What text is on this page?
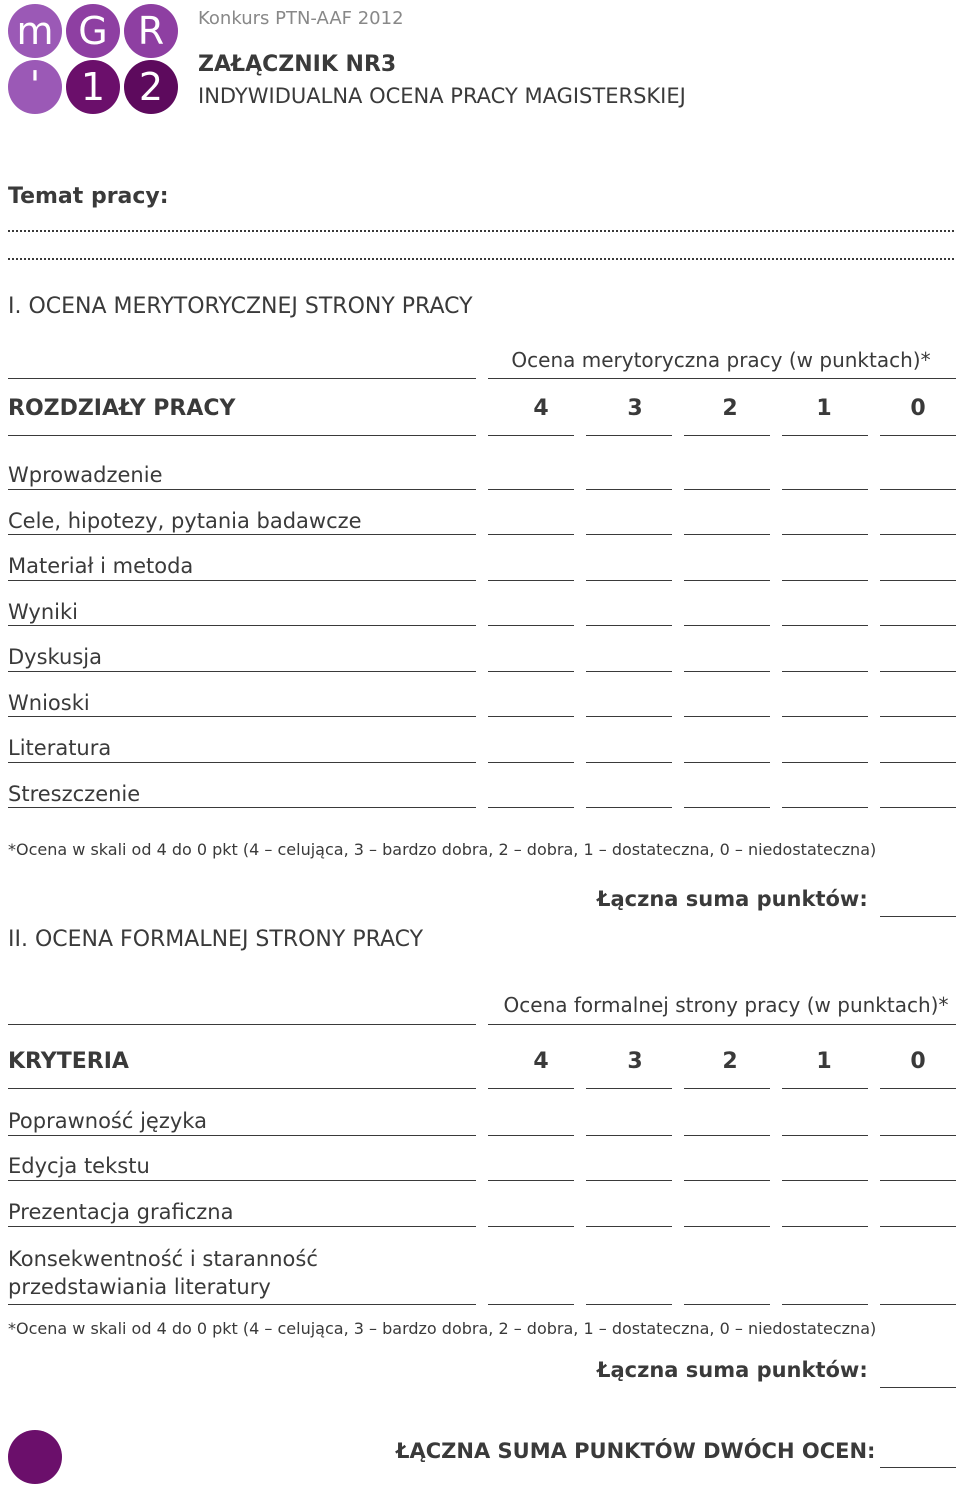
m G R
' 1 2
Konkurs PTN-AAF 2012
ZAŁĄCZNIK NR3
INDYWIDUALNA OCENA PRACY MAGISTERSKIEJ
Temat pracy:
I. OCENA MERYTORYCZNEJ STRONY PRACY
Ocena merytoryczna pracy (w punktach)*
ROZDZIAŁY PRACY	4	3	2	1	0
Wprowadzenie
Cele, hipotezy, pytania badawcze
Materiał i metoda
Wyniki
Dyskusja
Wnioski
Literatura
Streszczenie
*Ocena w skali od 4 do 0 pkt (4 – celująca, 3 – bardzo dobra, 2 – dobra, 1 – dostateczna, 0 – niedostateczna)
Łączna suma punktów:
II. OCENA FORMALNEJ STRONY PRACY
Ocena formalnej strony pracy (w punktach)*
KRYTERIA	4	3	2	1	0
Poprawność języka
Edycja tekstu
Prezentacja graficzna
Konsekwentność i staranność
przedstawiania literatury
*Ocena w skali od 4 do 0 pkt (4 – celująca, 3 – bardzo dobra, 2 – dobra, 1 – dostateczna, 0 – niedostateczna)
Łączna suma punktów:
ŁĄCZNA SUMA PUNKTÓW DWÓCH OCEN:
